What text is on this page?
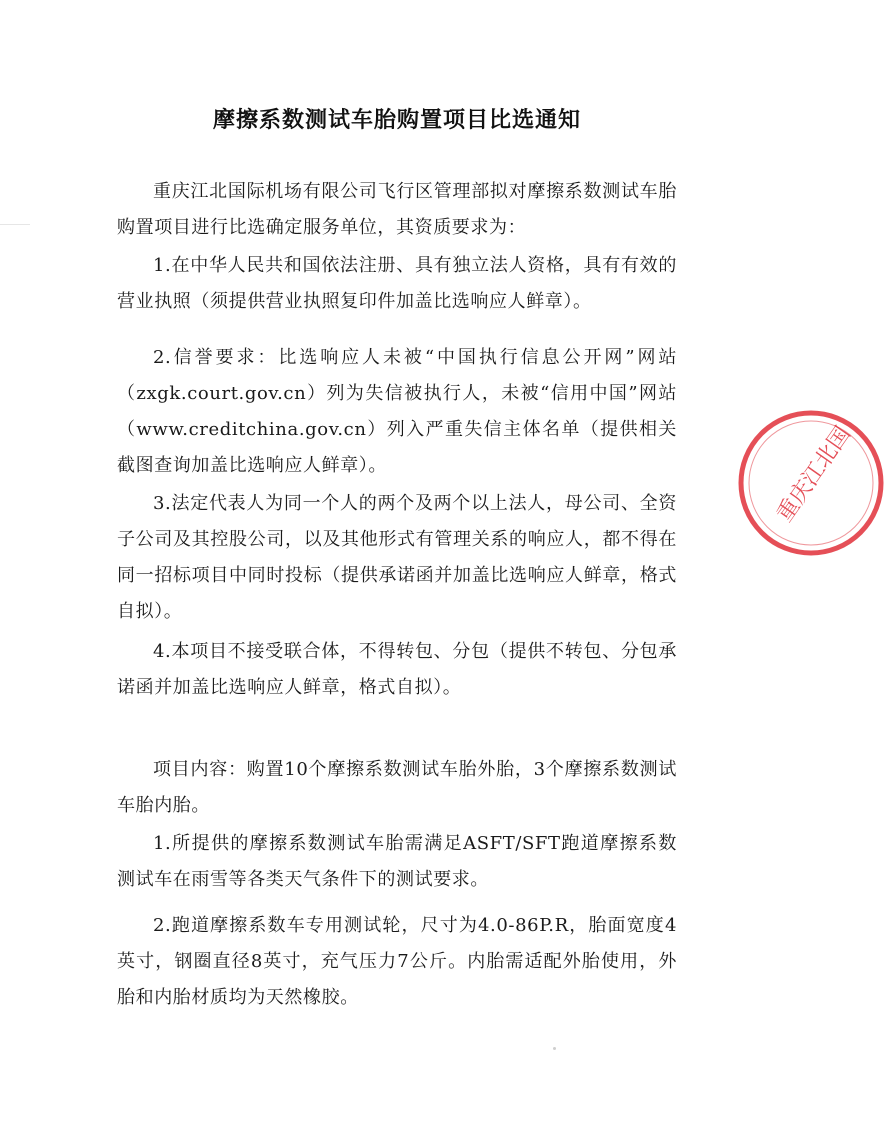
摩擦系数测试车胎购置项目比选通知

重庆江北国际机场有限公司飞行区管理部拟对摩擦系数测试车胎购置项目进行比选确定服务单位，其资质要求为：

1.在中华人民共和国依法注册、具有独立法人资格，具有有效的营业执照（须提供营业执照复印件加盖比选响应人鲜章）。

2.信誉要求：比选响应人未被“中国执行信息公开网”网站（zxgk.court.gov.cn）列为失信被执行人，未被“信用中国”网站（www.creditchina.gov.cn）列入严重失信主体名单（提供相关截图查询加盖比选响应人鲜章）。

3.法定代表人为同一个人的两个及两个以上法人，母公司、全资子公司及其控股公司，以及其他形式有管理关系的响应人，都不得在同一招标项目中同时投标（提供承诺函并加盖比选响应人鲜章，格式自拟）。

4.本项目不接受联合体，不得转包、分包（提供不转包、分包承诺函并加盖比选响应人鲜章，格式自拟）。

项目内容：购置10个摩擦系数测试车胎外胎，3个摩擦系数测试车胎内胎。

1.所提供的摩擦系数测试车胎需满足ASFT/SFT跑道摩擦系数测试车在雨雪等各类天气条件下的测试要求。

2.跑道摩擦系数车专用测试轮，尺寸为4.0-86P.R，胎面宽度4英寸，钢圈直径8英寸，充气压力7公斤。内胎需适配外胎使用，外胎和内胎材质均为天然橡胶。

重庆江北国
